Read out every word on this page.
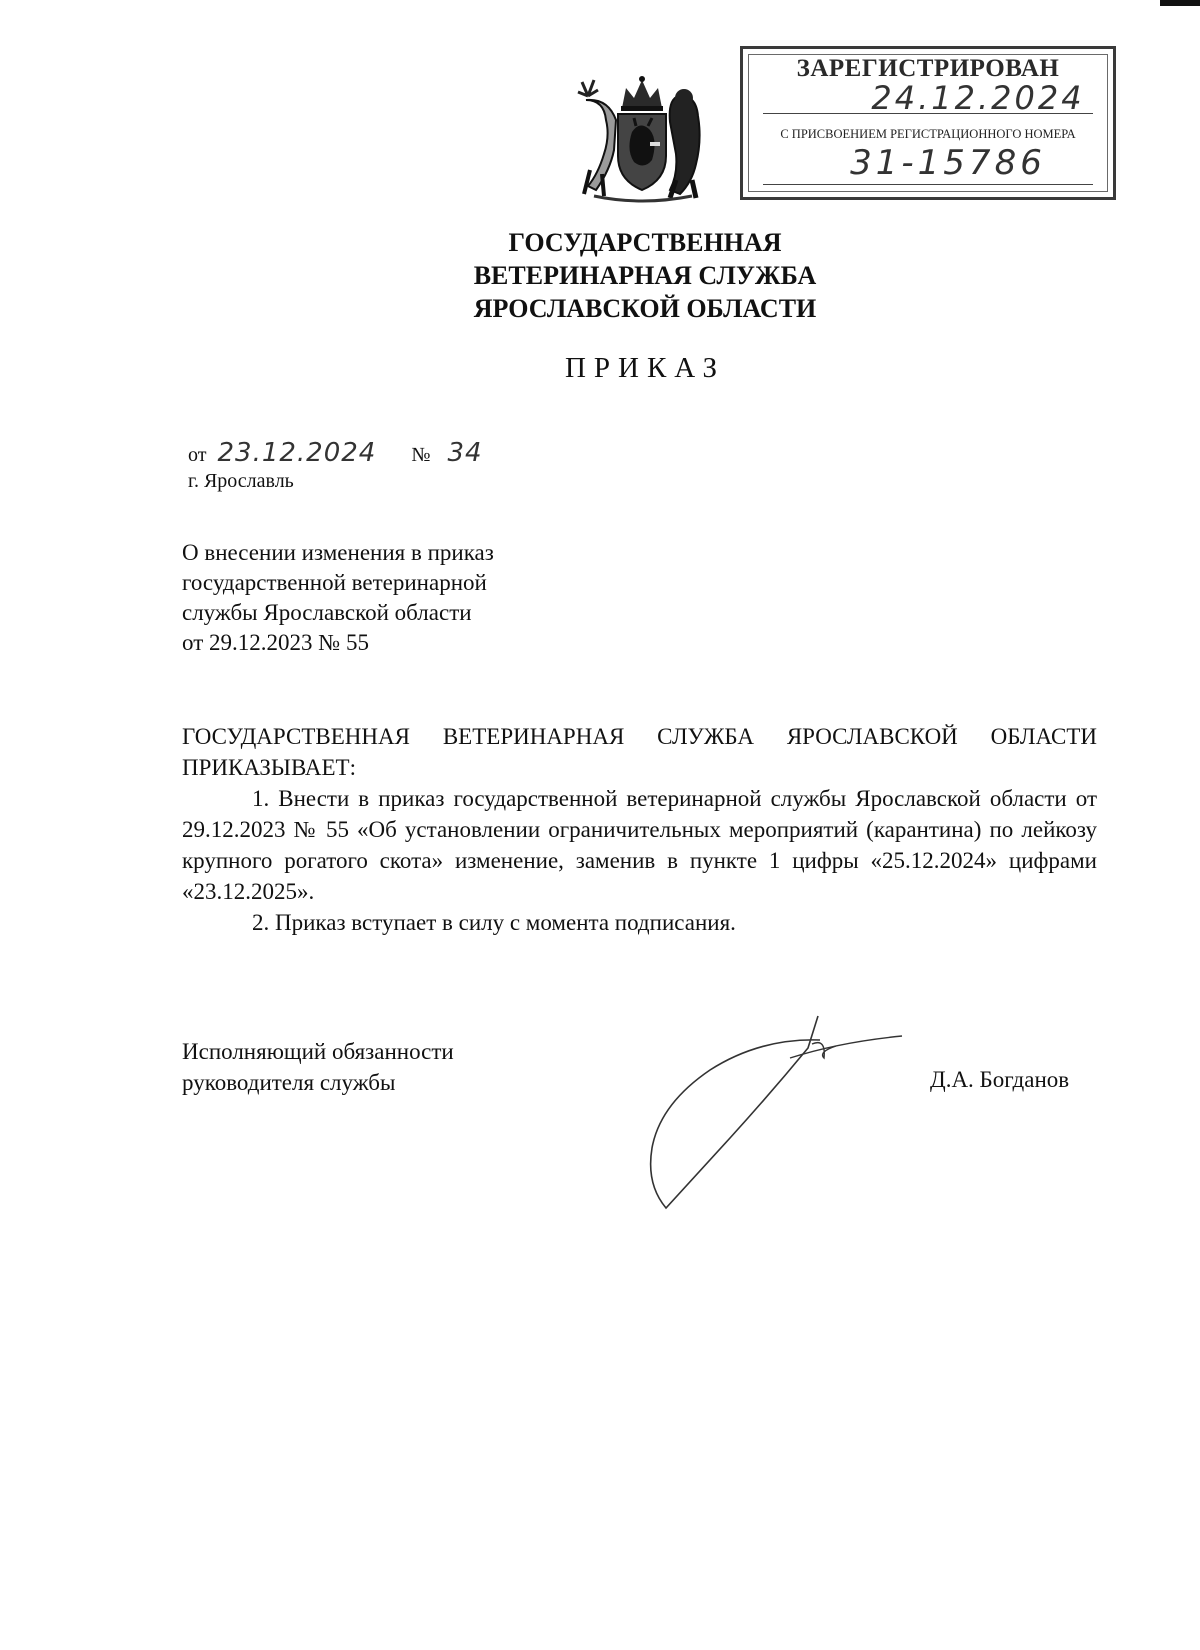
ЗАРЕГИСТРИРОВАН
24.12.2024
С ПРИСВОЕНИЕМ РЕГИСТРАЦИОННОГО НОМЕРА
31-15786
ГОСУДАРСТВЕННАЯ
ВЕТЕРИНАРНАЯ СЛУЖБА
ЯРОСЛАВСКОЙ ОБЛАСТИ
ПРИКАЗ
от 23.12.2024 № 34
г. Ярославль
О внесении изменения в приказ
государственной ветеринарной
службы Ярославской области
от 29.12.2023 № 55

ГОСУДАРСТВЕННАЯ ВЕТЕРИНАРНАЯ СЛУЖБА ЯРОСЛАВСКОЙ ОБЛАСТИ ПРИКАЗЫВАЕТ:

1. Внести в приказ государственной ветеринарной службы Ярославской области от 29.12.2023 № 55 «Об установлении ограничительных мероприятий (карантина) по лейкозу крупного рогатого скота» изменение, заменив в пункте 1 цифры «25.12.2024» цифрами «23.12.2025».

2. Приказ вступает в силу с момента подписания.

Исполняющий обязанности
руководителя службы	Д.А. Богданов
